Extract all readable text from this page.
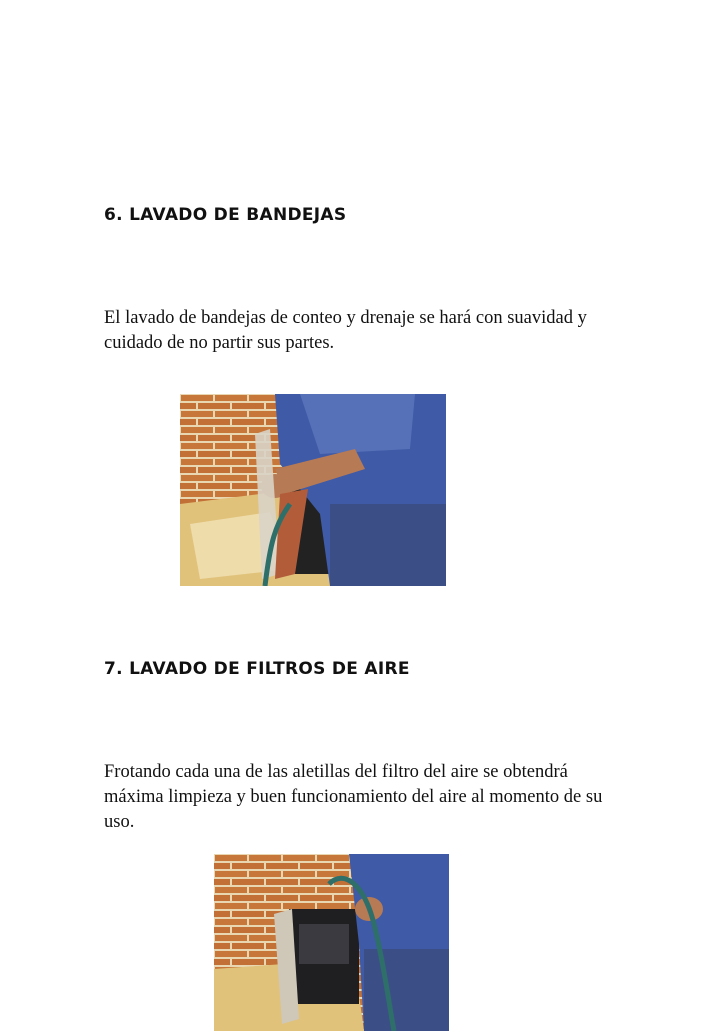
6. LAVADO DE BANDEJAS

El lavado de bandejas de conteo y drenaje se hará con suavidad y cuidado de no partir sus partes.

7. LAVADO DE FILTROS DE AIRE

Frotando cada una de las aletillas del filtro del aire se obtendrá máxima limpieza y buen funcionamiento del aire al momento de su uso.
